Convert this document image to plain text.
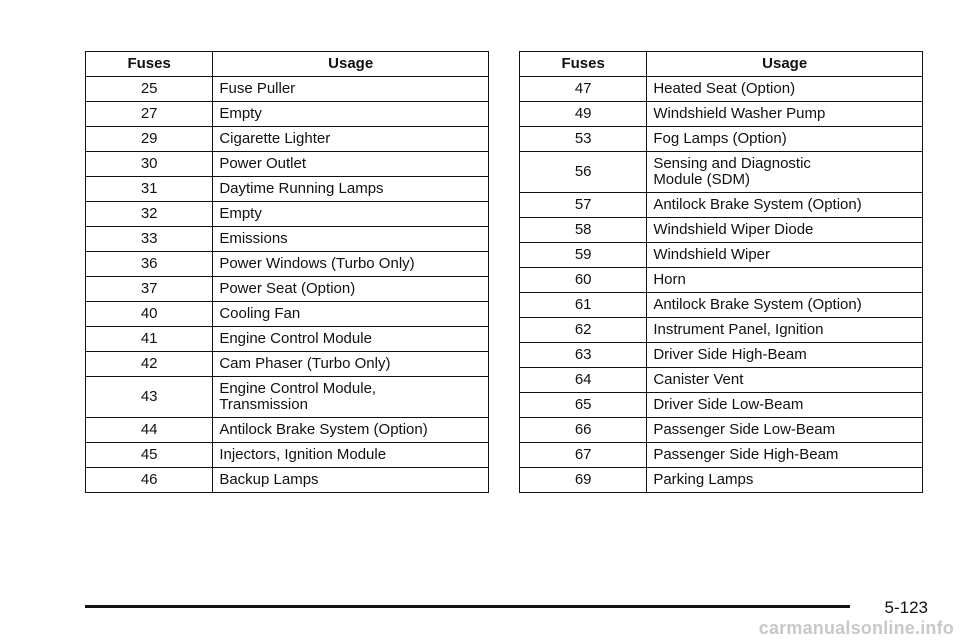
Fuses	Usage
25	Fuse Puller
27	Empty
29	Cigarette Lighter
30	Power Outlet
31	Daytime Running Lamps
32	Empty
33	Emissions
36	Power Windows (Turbo Only)
37	Power Seat (Option)
40	Cooling Fan
41	Engine Control Module
42	Cam Phaser (Turbo Only)
43	Engine Control Module,
Transmission
44	Antilock Brake System (Option)
45	Injectors, Ignition Module
46	Backup Lamps
Fuses	Usage
47	Heated Seat (Option)
49	Windshield Washer Pump
53	Fog Lamps (Option)
56	Sensing and Diagnostic
Module (SDM)
57	Antilock Brake System (Option)
58	Windshield Wiper Diode
59	Windshield Wiper
60	Horn
61	Antilock Brake System (Option)
62	Instrument Panel, Ignition
63	Driver Side High-Beam
64	Canister Vent
65	Driver Side Low-Beam
66	Passenger Side Low-Beam
67	Passenger Side High-Beam
69	Parking Lamps
5-123
carmanualsonline.info
